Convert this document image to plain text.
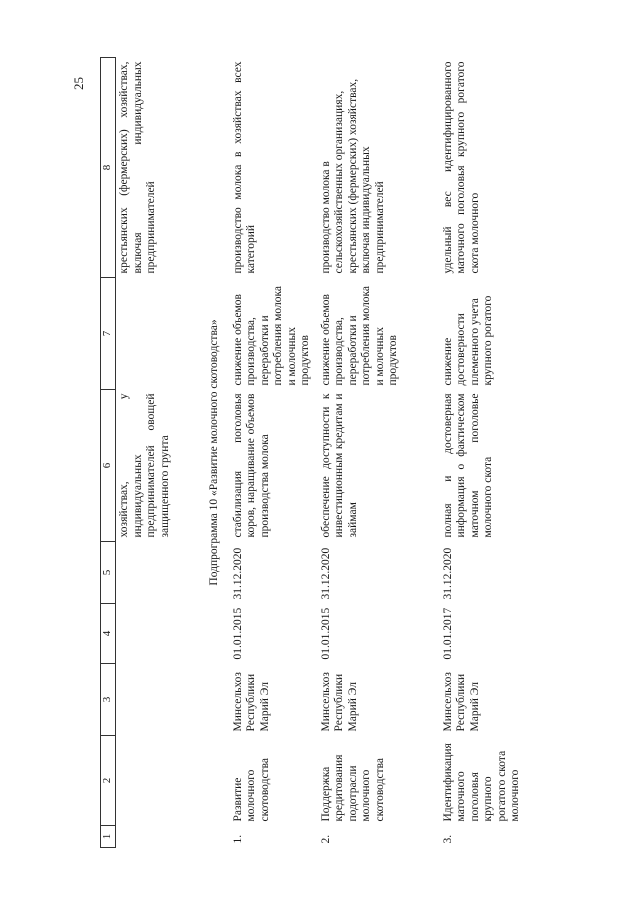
25
1	2	3	4	5	6	7	8
					хозяйствах, у индивидуальных предпринимателей овощей защищенного грунта		крестьянских (фермерских) хозяйствах, включая индивидуальных предпринимателей
Подпрограмма 10 «Развитие молочного скотоводства»							
1.	Развитие молочного скотоводства	Минсельхоз Республики Марий Эл	01.01.2015	31.12.2020	стабилизация поголовья коров, наращивание объемов производства молока	снижение объемов производства, переработки и потребления молока и молочных продуктов	производство молока в хозяйствах всех категорий
2.	Поддержка кредитования подотрасли молочного скотоводства	Минсельхоз Республики Марий Эл	01.01.2015	31.12.2020	обеспечение доступности к инвестиционным кредитам и займам	снижение объемов производства, переработки и потребления молока и молочных продуктов	производство молока в сельскохозяйственных организациях, крестьянских (фермерских) хозяйствах, включая индивидуальных предпринимателей
3.	Идентификация маточного поголовья крупного рогатого скота молочного	Минсельхоз Республики Марий Эл	01.01.2017	31.12.2020	полная и достоверная информация о фактическом маточном поголовье молочного скота	снижение достоверности племенного учета крупного рогатого	удельный вес идентифицированного маточного поголовья крупного рогатого скота молочного
